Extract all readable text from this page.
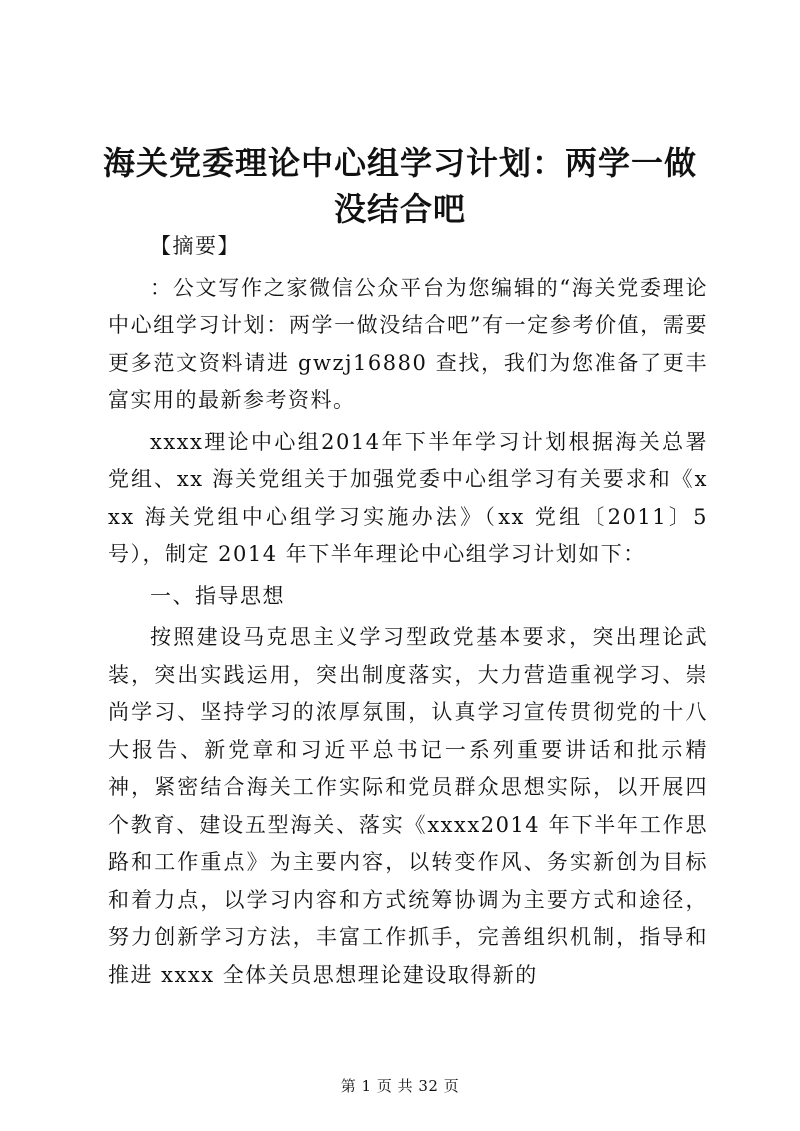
海关党委理论中心组学习计划：两学一做没结合吧

【摘要】

：公文写作之家微信公众平台为您编辑的“海关党委理论中心组学习计划：两学一做没结合吧”有一定参考价值，需要更多范文资料请进 gwzj16880 查找，我们为您准备了更丰富实用的最新参考资料。

xxxx理论中心组2014年下半年学习计划根据海关总署党组、xx 海关党组关于加强党委中心组学习有关要求和《xxx 海关党组中心组学习实施办法》（xx 党组〔2011〕5 号），制定 2014 年下半年理论中心组学习计划如下：

一、指导思想

按照建设马克思主义学习型政党基本要求，突出理论武装，突出实践运用，突出制度落实，大力营造重视学习、崇尚学习、坚持学习的浓厚氛围，认真学习宣传贯彻党的十八大报告、新党章和习近平总书记一系列重要讲话和批示精神，紧密结合海关工作实际和党员群众思想实际，以开展四个教育、建设五型海关、落实《xxxx2014 年下半年工作思路和工作重点》为主要内容，以转变作风、务实新创为目标和着力点，以学习内容和方式统筹协调为主要方式和途径，努力创新学习方法，丰富工作抓手，完善组织机制，指导和推进 xxxx 全体关员思想理论建设取得新的

第 1 页 共 32 页
